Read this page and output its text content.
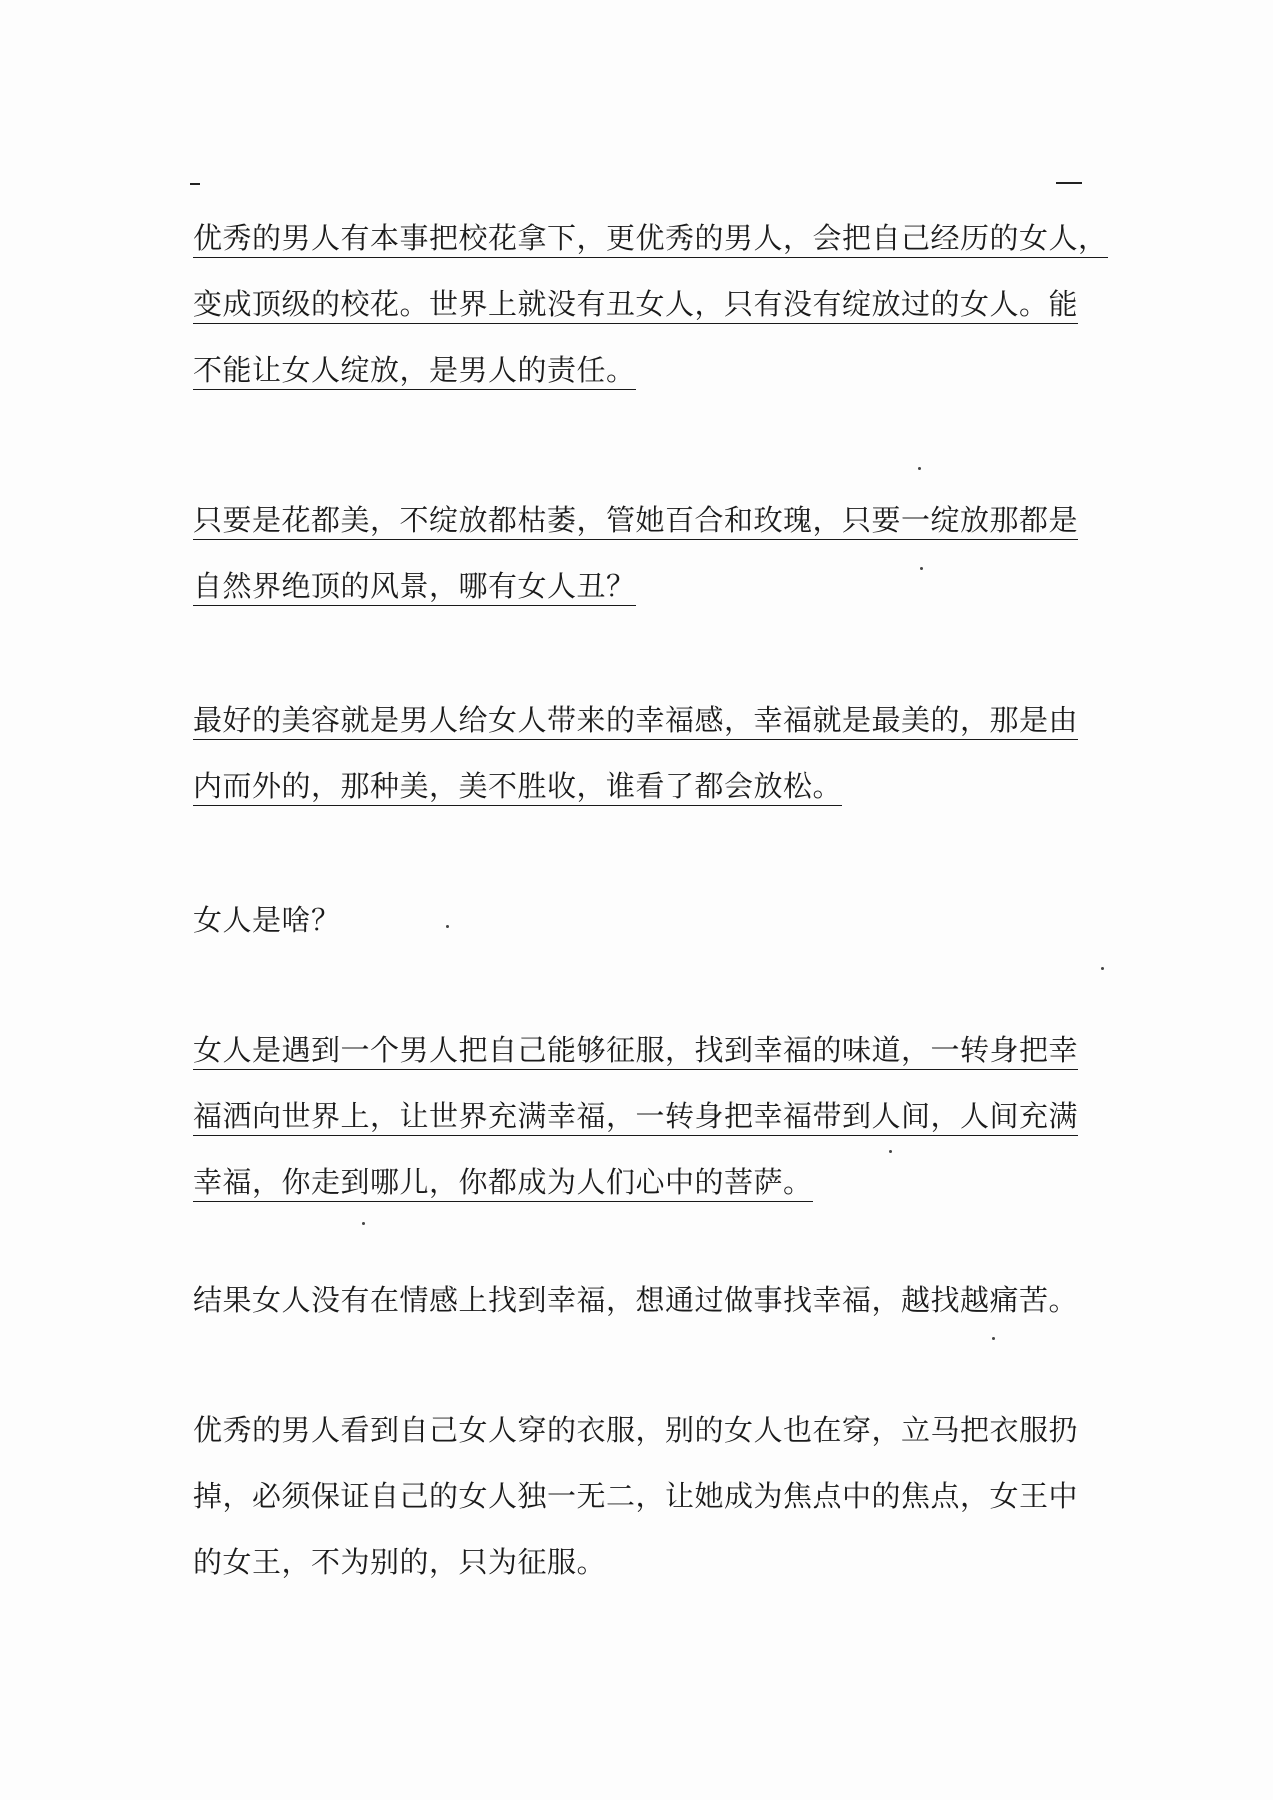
优秀的男人有本事把校花拿下，更优秀的男人，会把自己经历的女人，
变成顶级的校花。世界上就没有丑女人，只有没有绽放过的女人。能
不能让女人绽放，是男人的责任。
只要是花都美，不绽放都枯萎，管她百合和玫瑰，只要一绽放那都是
自然界绝顶的风景，哪有女人丑？
最好的美容就是男人给女人带来的幸福感，幸福就是最美的，那是由
内而外的，那种美，美不胜收，谁看了都会放松。
女人是啥？
女人是遇到一个男人把自己能够征服，找到幸福的味道，一转身把幸
福洒向世界上，让世界充满幸福，一转身把幸福带到人间，人间充满
幸福，你走到哪儿，你都成为人们心中的菩萨。
结果女人没有在情感上找到幸福，想通过做事找幸福，越找越痛苦。
优秀的男人看到自己女人穿的衣服，别的女人也在穿，立马把衣服扔
掉，必须保证自己的女人独一无二，让她成为焦点中的焦点，女王中
的女王，不为别的，只为征服。
